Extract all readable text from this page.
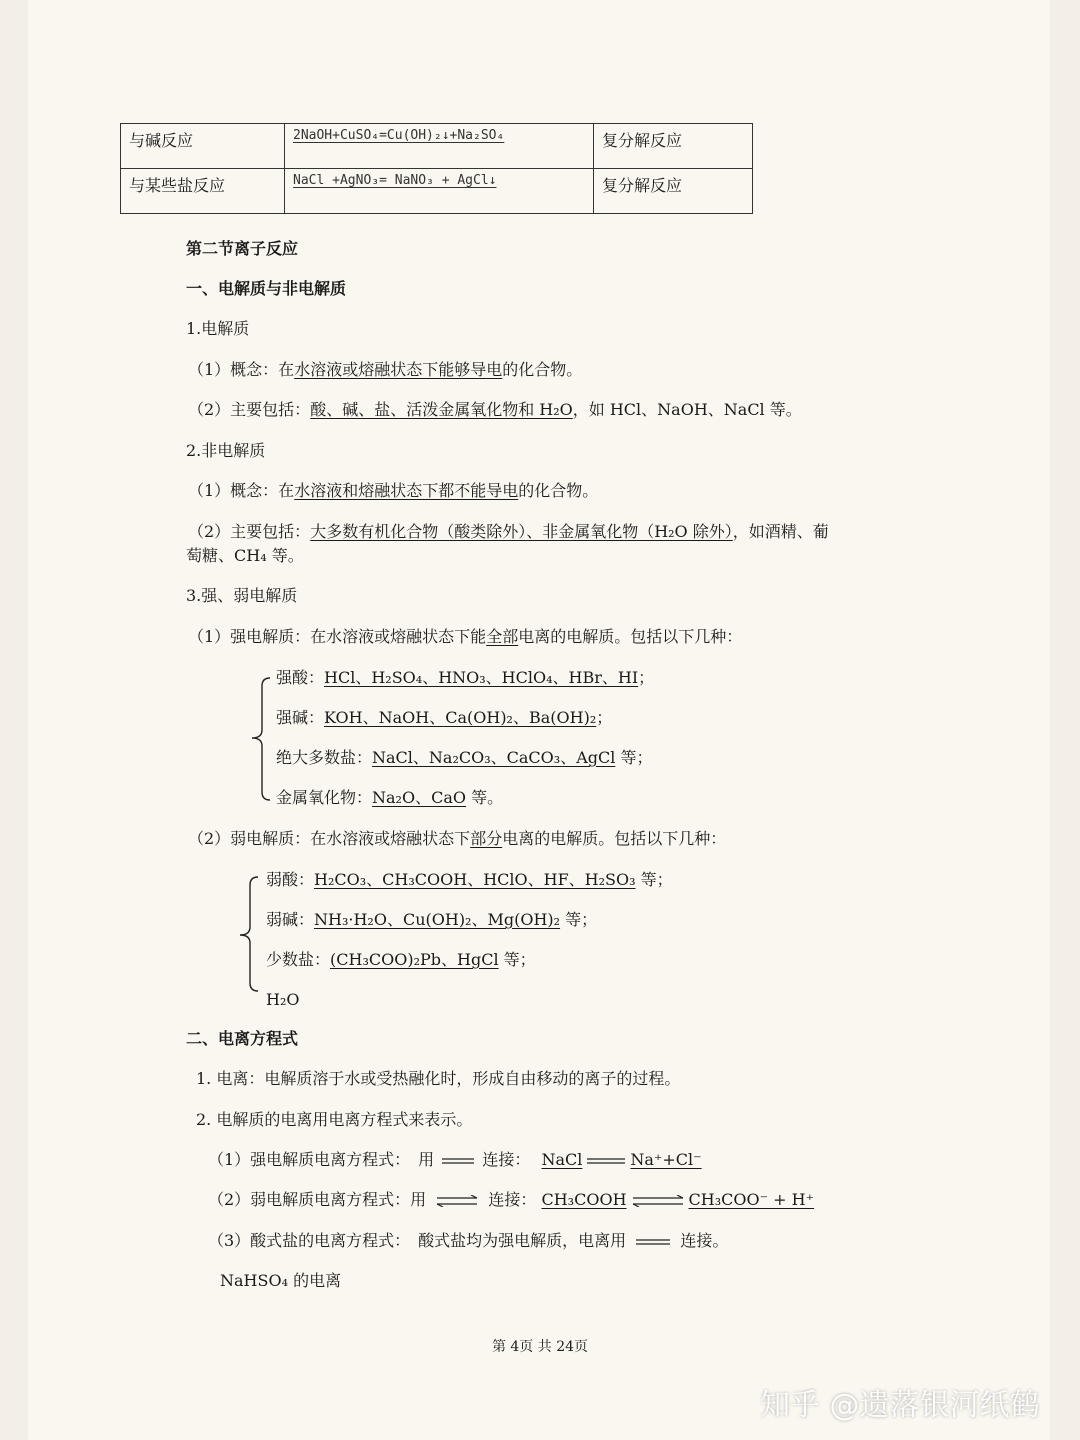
与碱反应	2NaOH+CuSO₄=Cu(OH)₂↓+Na₂SO₄	复分解反应
与某些盐反应	NaCl +AgNO₃= NaNO₃ + AgCl↓	复分解反应
第二节离子反应
一、电解质与非电解质
1.电解质
（1）概念：在水溶液或熔融状态下能够导电的化合物。
（2）主要包括：酸、碱、盐、活泼金属氧化物和 H₂O，如 HCl、NaOH、NaCl 等。
2.非电解质
（1）概念：在水溶液和熔融状态下都不能导电的化合物。
（2）主要包括：大多数有机化合物（酸类除外）、非金属氧化物（H₂O 除外），如酒精、葡
萄糖、CH₄ 等。
3.强、弱电解质
（1）强电解质：在水溶液或熔融状态下能全部电离的电解质。包括以下几种：
强酸：HCl、H₂SO₄、HNO₃、HClO₄、HBr、HI；
强碱：KOH、NaOH、Ca(OH)₂、Ba(OH)₂；
绝大多数盐：NaCl、Na₂CO₃、CaCO₃、AgCl 等；
金属氧化物：Na₂O、CaO 等。
（2）弱电解质：在水溶液或熔融状态下部分电离的电解质。包括以下几种：
弱酸：H₂CO₃、CH₃COOH、HClO、HF、H₂SO₃ 等；
弱碱：NH₃·H₂O、Cu(OH)₂、Mg(OH)₂ 等；
少数盐：(CH₃COO)₂Pb、HgCl 等；
H₂O
二、电离方程式
1. 电离：电解质溶于水或受热融化时，形成自由移动的离子的过程。
2. 电解质的电离用电离方程式来表示。
（1）强电解质电离方程式：　用	连接： NaCl	Na⁺+Cl⁻
（2）弱电解质电离方程式：用 ⇌ 连接： CH₃COOH ⇌ CH₃COO⁻ + H⁺
（3）酸式盐的电离方程式：　酸式盐均为强电解质，电离用	连接。
NaHSO₄ 的电离
第 4页 共 24页
知乎 @遗落银河纸鹤
